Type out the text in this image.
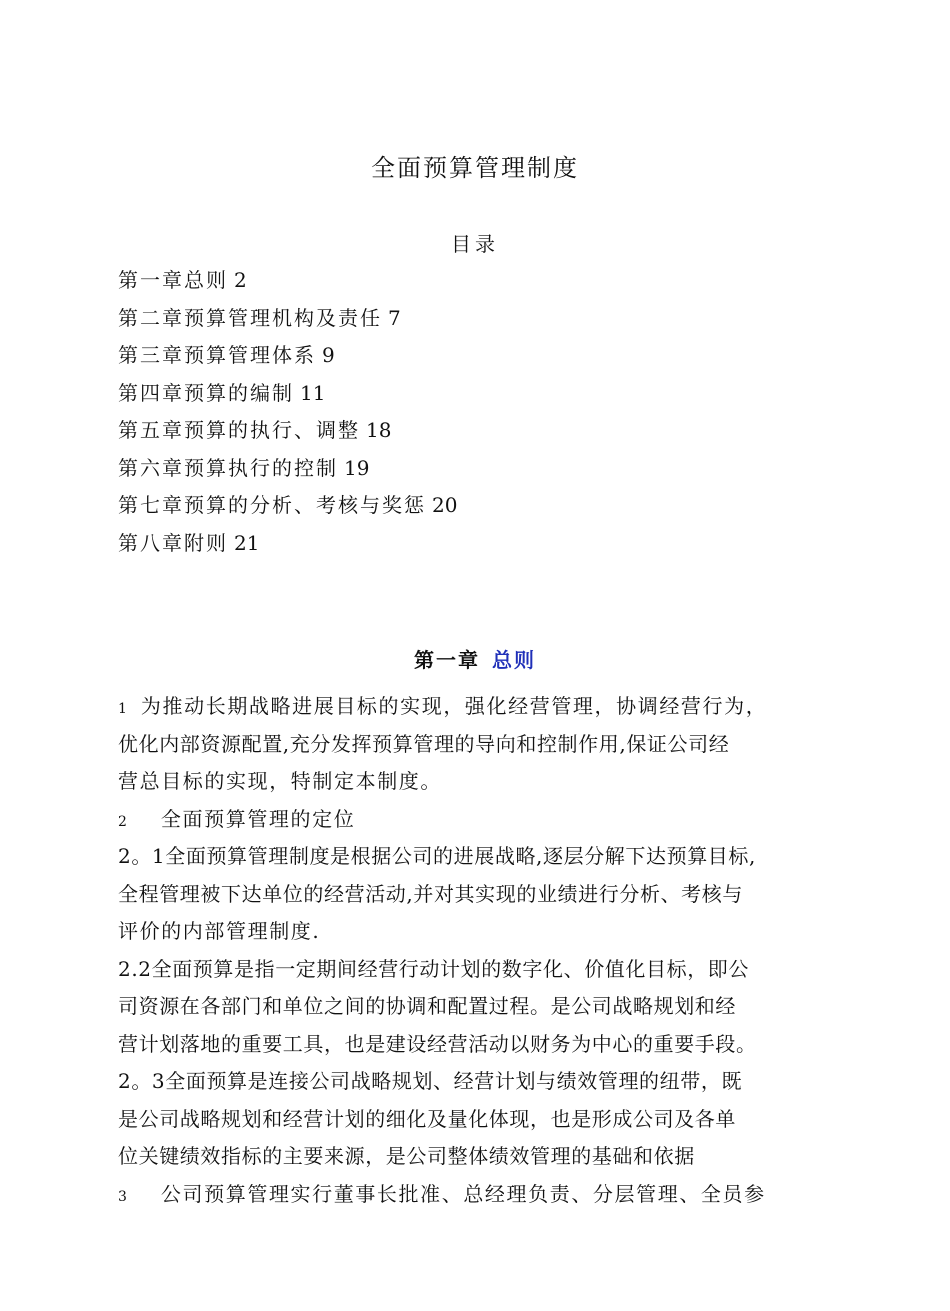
全面预算管理制度
目录
第一章总则 2
第二章预算管理机构及责任 7
第三章预算管理体系 9
第四章预算的编制 11
第五章预算的执行、调整 18
第六章预算执行的控制 19
第七章预算的分析、考核与奖惩 20
第八章附则 21
第一章 总则
1 为推动长期战略进展目标的实现，强化经营管理，协调经营行为，
优化内部资源配置,充分发挥预算管理的导向和控制作用,保证公司经
营总目标的实现，特制定本制度。
2 全面预算管理的定位
2。1全面预算管理制度是根据公司的进展战略,逐层分解下达预算目标,
全程管理被下达单位的经营活动,并对其实现的业绩进行分析、考核与
评价的内部管理制度.
2.2全面预算是指一定期间经营行动计划的数字化、价值化目标，即公
司资源在各部门和单位之间的协调和配置过程。是公司战略规划和经
营计划落地的重要工具，也是建设经营活动以财务为中心的重要手段。
2。3全面预算是连接公司战略规划、经营计划与绩效管理的纽带，既
是公司战略规划和经营计划的细化及量化体现，也是形成公司及各单
位关键绩效指标的主要来源，是公司整体绩效管理的基础和依据
3 公司预算管理实行董事长批准、总经理负责、分层管理、全员参
